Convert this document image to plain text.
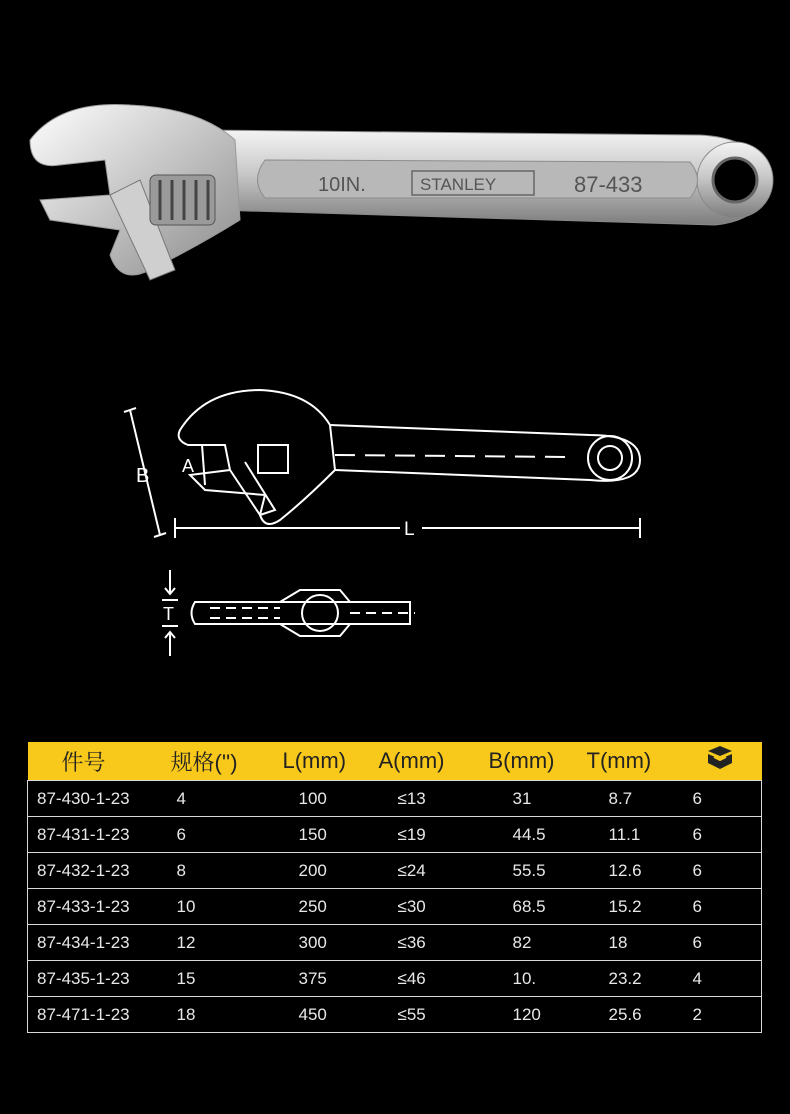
10IN.	STANLEY	87-433
B A
L
T
件号	规格('')	L(mm)	A(mm)	B(mm)	T(mm)	
87-430-1-23	4	100	≤13	31	8.7	6
87-431-1-23	6	150	≤19	44.5	11.1	6
87-432-1-23	8	200	≤24	55.5	12.6	6
87-433-1-23	10	250	≤30	68.5	15.2	6
87-434-1-23	12	300	≤36	82	18	6
87-435-1-23	15	375	≤46	10.	23.2	4
87-471-1-23	18	450	≤55	120	25.6	2
